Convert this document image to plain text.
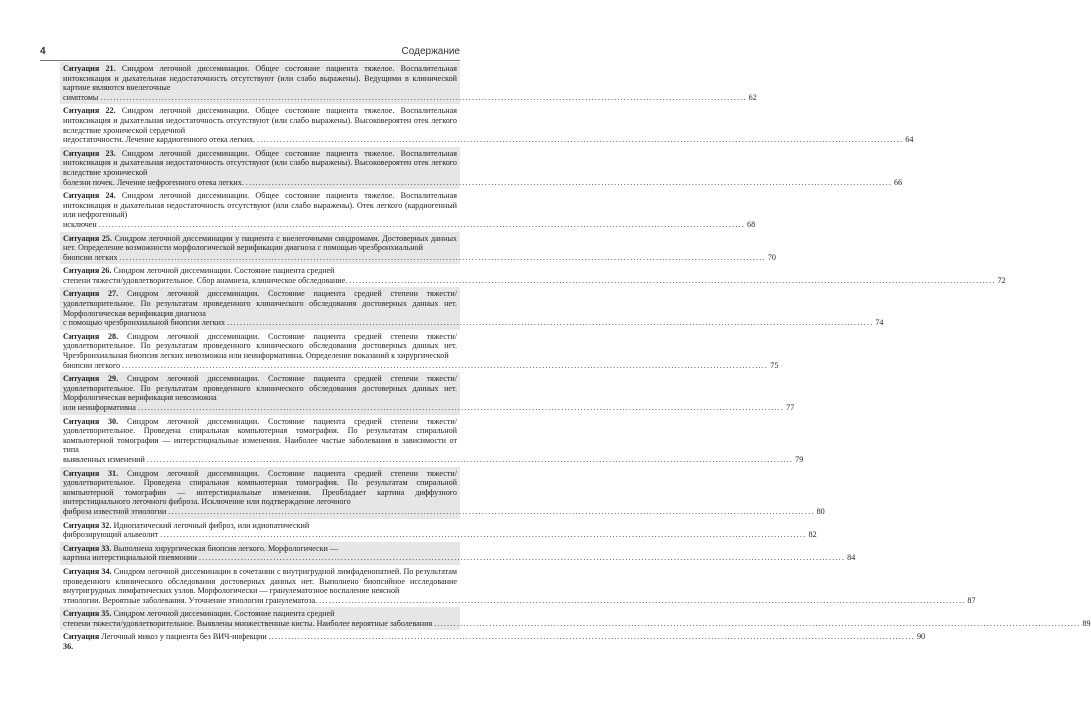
4	Содержание
Ситуация 21. Синдром легочной диссеминации. Общее состояние пациента тяжелое. Воспалительная интоксикация и дыхательная недостаточность отсутствуют (или слабо выражены). Ведущими в клинической картине являются внелегочные
симптомы ........................................................................................................................................................................................................ 62
Ситуация 22. Синдром легочной диссеминации. Общее состояние пациента тяжелое. Воспалительная интоксикация и дыхательная недостаточность отсутствуют (или слабо выражены). Высоковероятен отек легкого вследствие хронической сердечной
недостаточности. Лечение кардиогенного отека легких. ........................................................................................................................................................................................................ 64
Ситуация 23. Синдром легочной диссеминации. Общее состояние пациента тяжелое. Воспалительная интоксикация и дыхательная недостаточность отсутствуют (или слабо выражены). Высоковероятен отек легкого вследствие хронической
болезни почек. Лечение нефрогенного отека легких. ........................................................................................................................................................................................................ 66
Ситуация 24. Синдром легочной диссеминации. Общее состояние пациента тяжелое. Воспалительная интоксикация и дыхательная недостаточность отсутствуют (или слабо выражены). Отек легкого (кардиогенный или нефрогенный)
исключен ........................................................................................................................................................................................................ 68
Ситуация 25. Синдром легочной диссеминации у пациента с внелегочными синдромами. Достоверных данных нет. Определение возможности морфологической верификации диагноза с помощью чрезбронхиальной
биопсии легких ........................................................................................................................................................................................................ 70
Ситуация 26. Синдром легочной диссеминации. Состояние пациента средней
степени тяжести/удовлетворительное. Сбор анамнеза, клиническое обследование. ........................................................................................................................................................................................................ 72
Ситуация 27. Синдром легочной диссеминации. Состояние пациента средней степени тяжести/удовлетворительное. По результатам проведенного клинического обследования достоверных данных нет. Морфологическая верификация диагноза
с помощью чрезбронхиальной биопсии легких ........................................................................................................................................................................................................ 74
Ситуация 28. Синдром легочной диссеминации. Состояние пациента средней степени тяжести/удовлетворительное. По результатам проведенного клинического обследования достоверных данных нет. Чрезбронхиальная биопсия легких невозможна или неинформативна. Определение показаний к хирургической
биопсии легкого ........................................................................................................................................................................................................ 75
Ситуация 29. Синдром легочной диссеминации. Состояние пациента средней степени тяжести/удовлетворительное. По результатам проведенного клинического обследования достоверных данных нет. Морфологическая верификация невозможна
или неинформативна ........................................................................................................................................................................................................ 77
Ситуация 30. Синдром легочной диссеминации. Состояние пациента средней степени тяжести/удовлетворительное. Проведена спиральная компьютерная томография. По результатам спиральной компьютерной томографии — интерстициальные изменения. Наиболее частые заболевания в зависимости от типа
выявленных изменений ........................................................................................................................................................................................................ 79
Ситуация 31. Синдром легочной диссеминации. Состояние пациента средней степени тяжести/удовлетворительное. Проведена спиральная компьютерная томография. По результатам спиральной компьютерной томографии — интерстициальные изменения. Преобладает картина диффузного интерстициального легочного фиброза. Исключение или подтверждение легочного
фиброза известной этиологии ........................................................................................................................................................................................................ 80
Ситуация 32. Идиопатический легочный фиброз, или идиопатический
фиброзирующий альвеолит ........................................................................................................................................................................................................ 82
Ситуация 33. Выполнена хирургическая биопсия легкого. Морфологически —
картина интерстициальной пневмонии ........................................................................................................................................................................................................ 84
Ситуация 34. Синдром легочной диссеминации в сочетании с внутригрудной лимфаденопатией. По результатам проведенного клинического обследования достоверных данных нет. Выполнено биопсийное исследование внутригрудных лимфатических узлов. Морфологически — гранулематозное воспаление неясной
этиологии. Вероятные заболевания. Уточнение этиологии гранулематоза. ........................................................................................................................................................................................................ 87
Ситуация 35. Синдром легочной диссеминации. Состояние пациента средней
степени тяжести/удовлетворительное. Выявлены множественные кисты. Наиболее вероятные заболевания ........................................................................................................................................................................................................ 89
Ситуация 36.

Легочный микоз у пациента без ВИЧ-инфекции ........................................................................................................................................................................................................ 90
